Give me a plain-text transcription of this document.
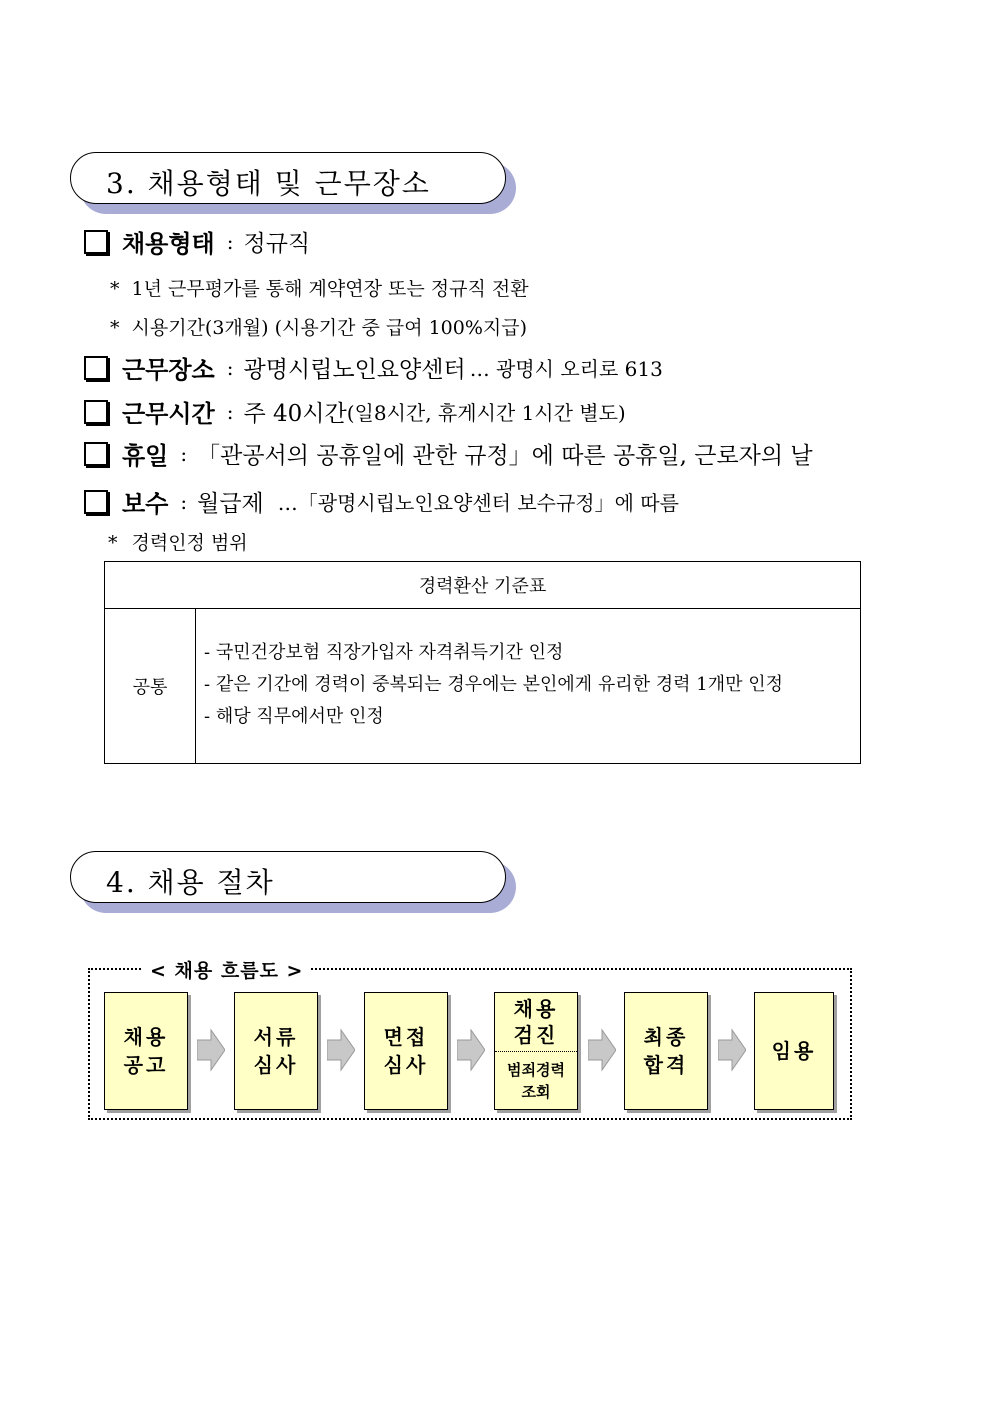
3. 채용형태 및 근무장소
채용형태 : 정규직
* 1년 근무평가를 통해 계약연장 또는 정규직 전환
* 시용기간(3개월) (시용기간 중 급여 100%지급)
근무장소 : 광명시립노인요양센터 … 광명시 오리로 613
근무시간 : 주 40시간 (일8시간, 휴게시간 1시간 별도)
휴일 : 「관공서의 공휴일에 관한 규정」에 따른 공휴일, 근로자의 날
보수 : 월급제 …「광명시립노인요양센터 보수규정」에 따름
* 경력인정 범위
경력환산 기준표
공통	
- 국민건강보험 직장가입자 자격취득기간 인정
- 같은 기간에 경력이 중복되는 경우에는 본인에게 유리한 경력 1개만 인정
- 해당 직무에서만 인정
4. 채용 절차
< 채용 흐름도 >
채용
공고
서류
심사
면접
심사
채용
검진
범죄경력
조회
최종
합격
임용
